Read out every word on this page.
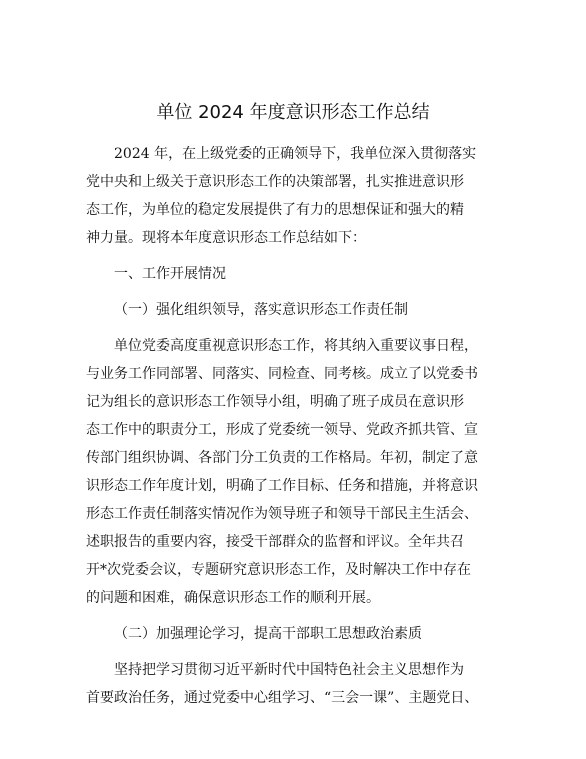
单位 2024 年度意识形态工作总结
2024 年，在上级党委的正确领导下，我单位深入贯彻落实
党中央和上级关于意识形态工作的决策部署，扎实推进意识形
态工作，为单位的稳定发展提供了有力的思想保证和强大的精
神力量。现将本年度意识形态工作总结如下：
一、工作开展情况
（一）强化组织领导，落实意识形态工作责任制
单位党委高度重视意识形态工作，将其纳入重要议事日程，
与业务工作同部署、同落实、同检查、同考核。成立了以党委书
记为组长的意识形态工作领导小组，明确了班子成员在意识形
态工作中的职责分工，形成了党委统一领导、党政齐抓共管、宣
传部门组织协调、各部门分工负责的工作格局。年初，制定了意
识形态工作年度计划，明确了工作目标、任务和措施，并将意识
形态工作责任制落实情况作为领导班子和领导干部民主生活会、
述职报告的重要内容，接受干部群众的监督和评议。全年共召
开*次党委会议，专题研究意识形态工作，及时解决工作中存在
的问题和困难，确保意识形态工作的顺利开展。
（二）加强理论学习，提高干部职工思想政治素质
坚持把学习贯彻习近平新时代中国特色社会主义思想作为
首要政治任务，通过党委中心组学习、“三会一课”、主题党日、
